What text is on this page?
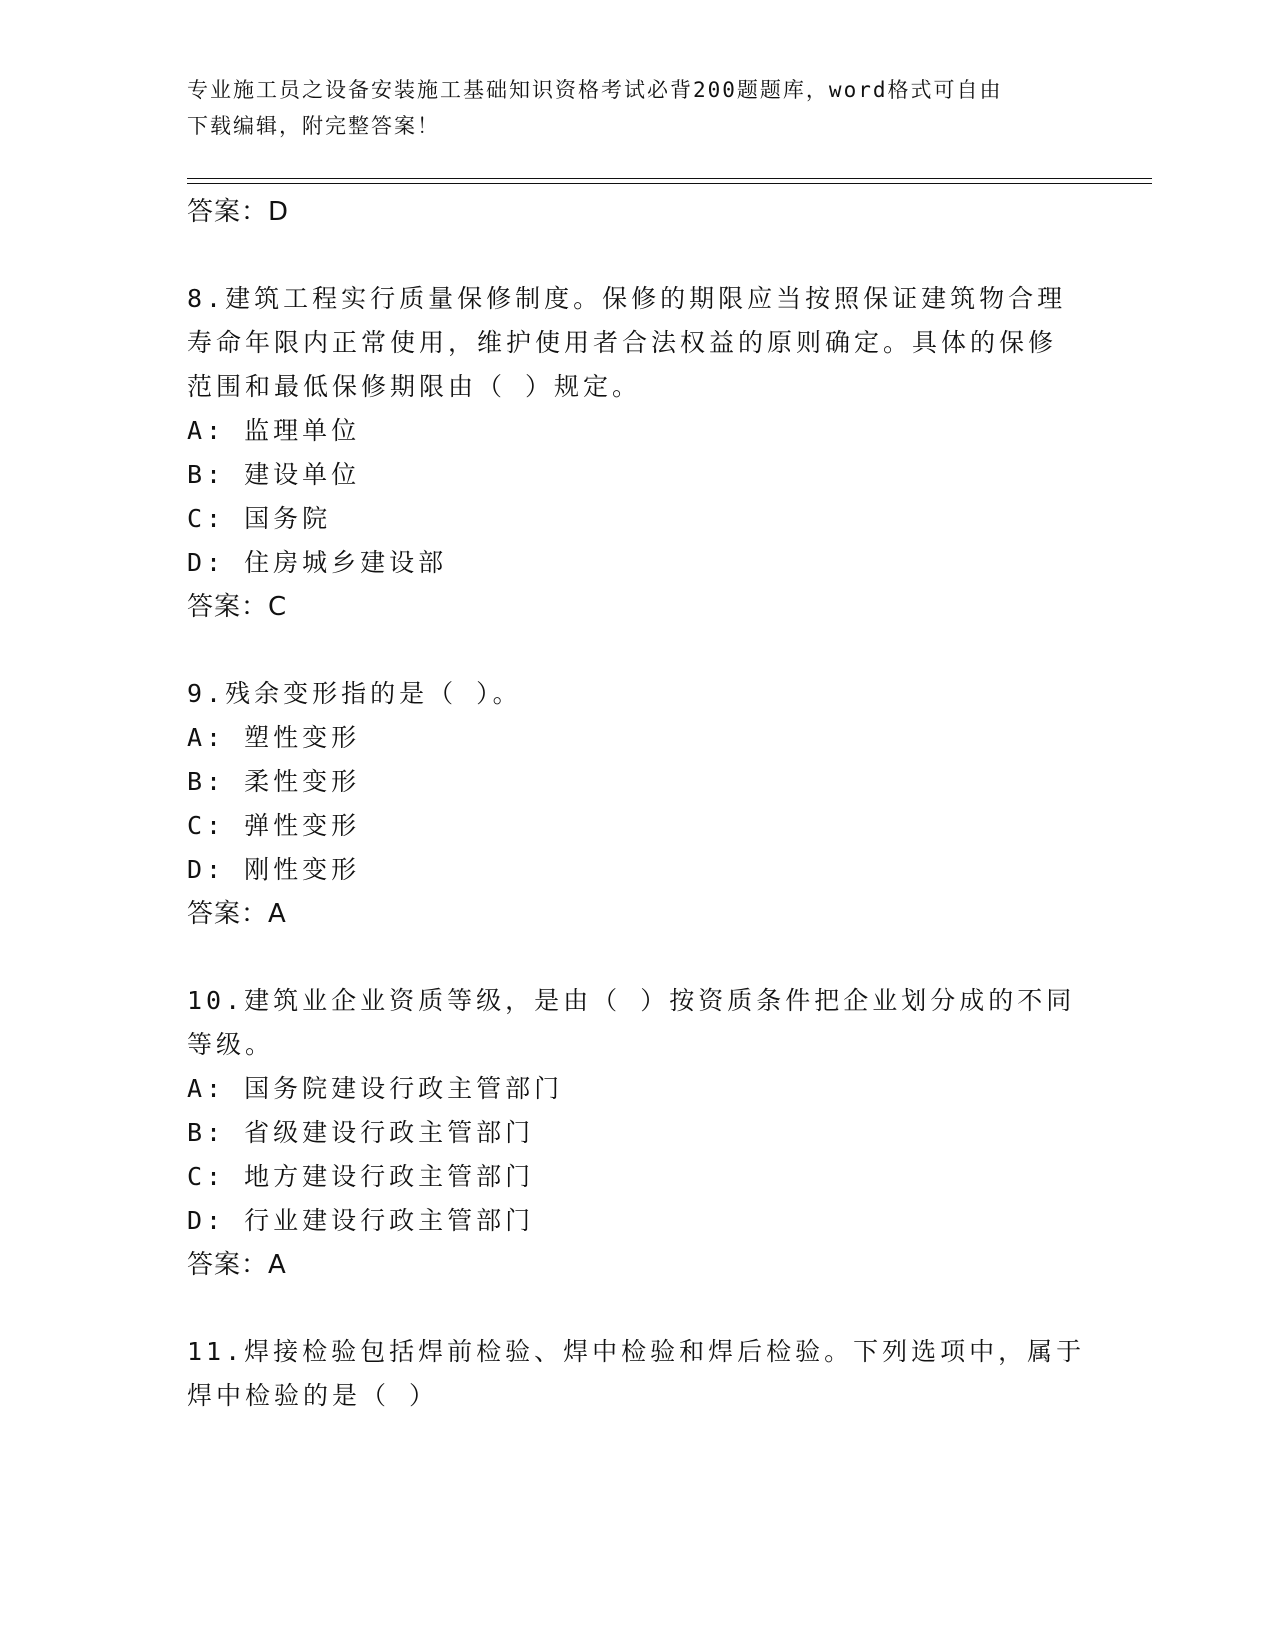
专业施工员之设备安装施工基础知识资格考试必背200题题库，word格式可自由
下载编辑，附完整答案！
答案：D
8.建筑工程实行质量保修制度。保修的期限应当按照保证建筑物合理
寿命年限内正常使用，维护使用者合法权益的原则确定。具体的保修
范围和最低保修期限由（ ）规定。
A: 监理单位
B: 建设单位
C: 国务院
D: 住房城乡建设部
答案：C
9.残余变形指的是（ ）。
A: 塑性变形
B: 柔性变形
C: 弹性变形
D: 刚性变形
答案：A
10.建筑业企业资质等级，是由（ ）按资质条件把企业划分成的不同
等级。
A: 国务院建设行政主管部门
B: 省级建设行政主管部门
C: 地方建设行政主管部门
D: 行业建设行政主管部门
答案：A
11.焊接检验包括焊前检验、焊中检验和焊后检验。下列选项中，属于
焊中检验的是（ ）
